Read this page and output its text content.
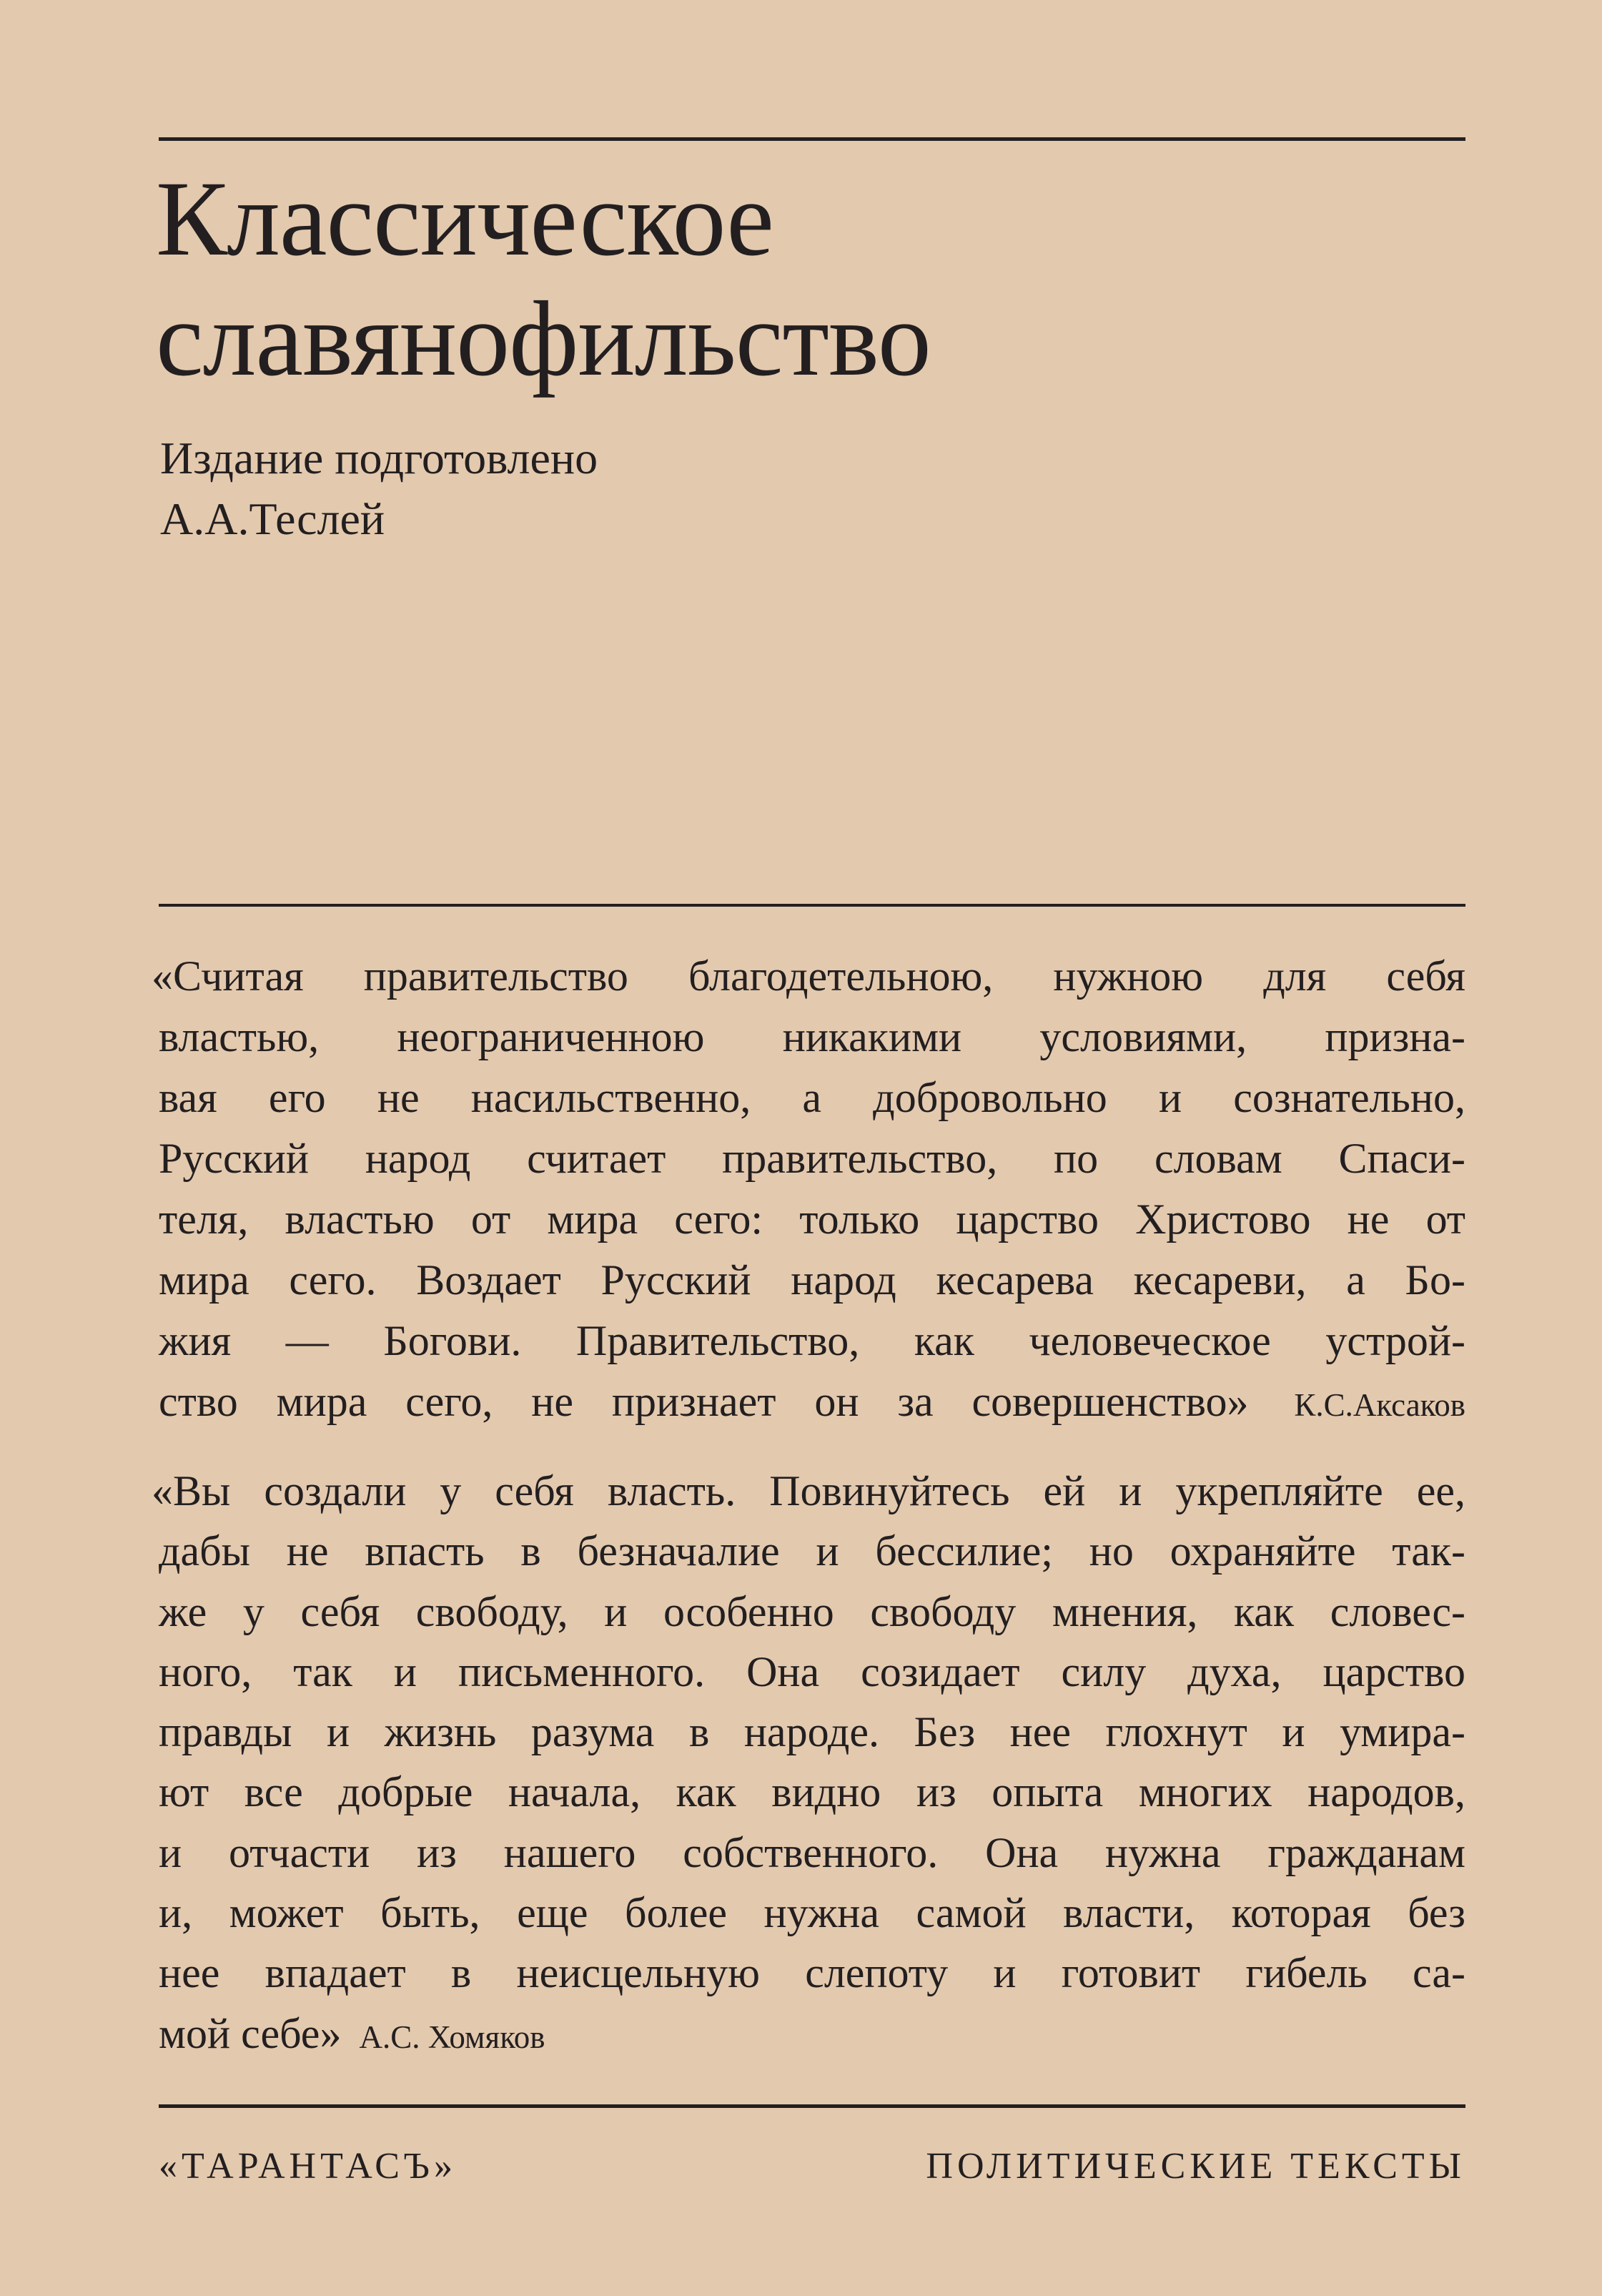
Классическое
славянофильство
Издание подготовлено
А.А.Теслей
«Считая правительство благодетельною, нужною для себя
властью, неограниченною никакими условиями, призна-
вая его не насильственно, а добровольно и сознательно,
Русский народ считает правительство, по словам Спаси-
теля, властью от мира сего: только царство Христово не от
мира сего. Воздает Русский народ кесарева кесареви, а Бо-
жия — Богови. Правительство, как человеческое устрой-
ство мира сего, не признает он за совершенство» К.С.Аксаков
«Вы создали у себя власть. Повинуйтесь ей и укрепляйте ее,
дабы не впасть в безначалие и бессилие; но охраняйте так-
же у себя свободу, и особенно свободу мнения, как словес-
ного, так и письменного. Она созидает силу духа, царство
правды и жизнь разума в народе. Без нее глохнут и умира-
ют все добрые начала, как видно из опыта многих народов,
и отчасти из нашего собственного. Она нужна гражданам
и, может быть, еще более нужна самой власти, которая без
нее впадает в неисцельную слепоту и готовит гибель са-
мой себе» А.С. Хомяков
«ТАРАНТАСЪ»	ПОЛИТИЧЕСКИЕ ТЕКСТЫ
